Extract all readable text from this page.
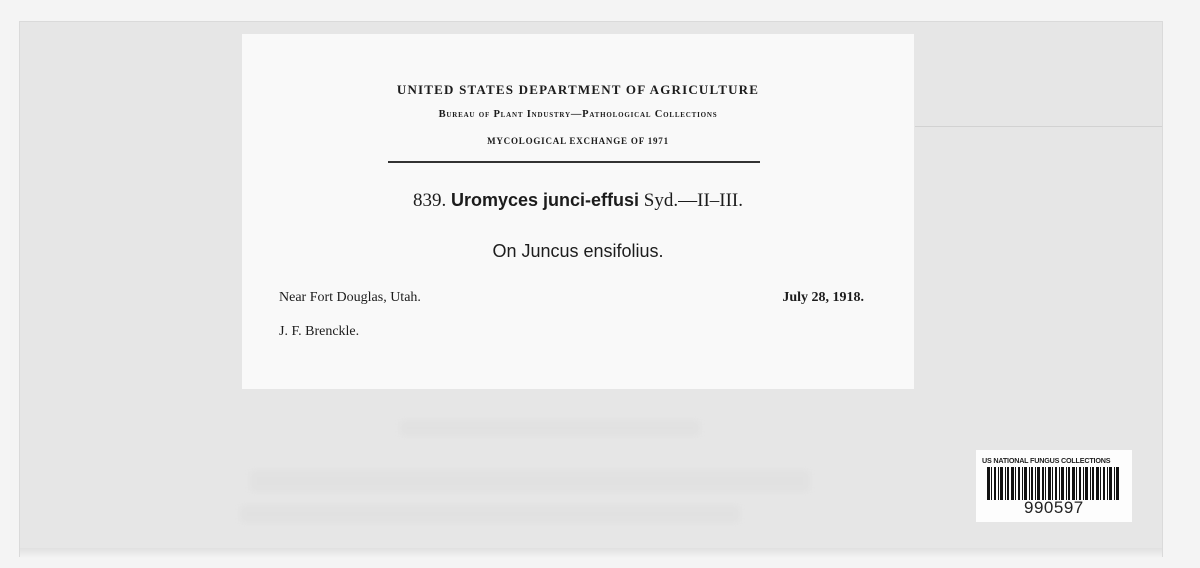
UNITED STATES DEPARTMENT OF AGRICULTURE
Bureau of Plant Industry—Pathological Collections
MYCOLOGICAL EXCHANGE OF 1971
839. Uromyces junci-effusi Syd.—II–III.
On Juncus ensifolius.
Near Fort Douglas, Utah.	July 28, 1918.
J. F. Brenckle.
US NATIONAL FUNGUS COLLECTIONS
990597
